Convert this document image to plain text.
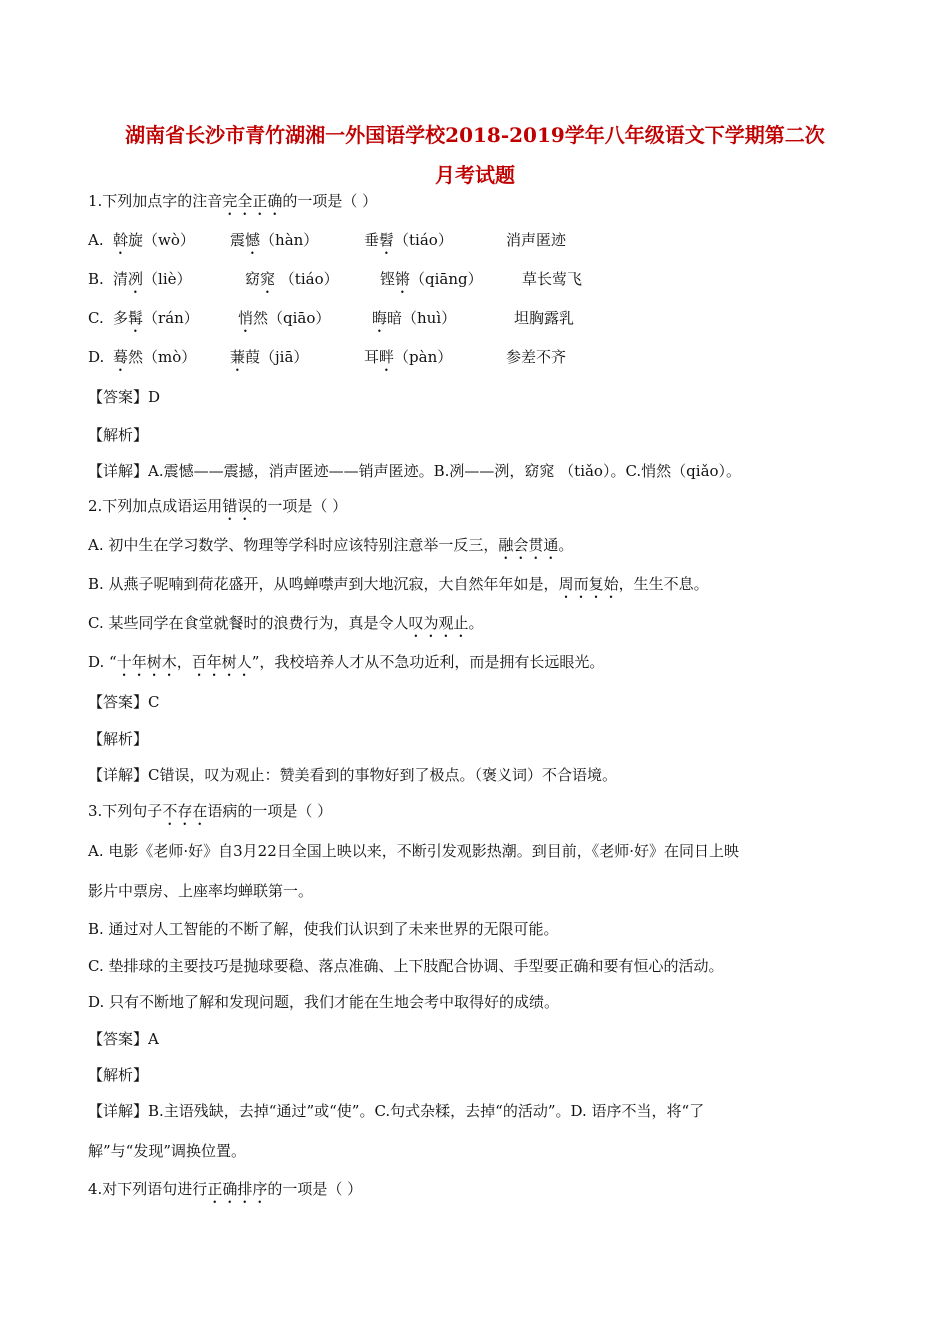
湖南省长沙市青竹湖湘一外国语学校2018-2019学年八年级语文下学期第二次
月考试题
1.下列加点字的注音完全正确的一项是（ ）
A. 斡旋（wò） 震憾（hàn）	垂髫（tiáo）	消声匿迹
B. 清冽（liè）	窈窕 （tiáo）	铿锵（qiāng）	草长莺飞
C. 多髯（rán）	悄然（qiāo）	晦暗（huì）	坦胸露乳
D. 蓦然（mò） 蒹葭（jiā）	耳畔（pàn）	参差不齐
【答案】D
【解析】
【详解】A.震憾——震撼，消声匿迹——销声匿迹。B.冽——洌，窈窕 （tiǎo）。C.悄然（qiǎo）。
2.下列加点成语运用错误的一项是（ ）
A. 初中生在学习数学、物理等学科时应该特别注意举一反三，融会贯通。
B. 从燕子呢喃到荷花盛开，从鸣蝉噤声到大地沉寂，大自然年年如是，周而复始，生生不息。
C. 某些同学在食堂就餐时的浪费行为，真是令人叹为观止。
D. “十年树木，百年树人”，我校培养人才从不急功近利，而是拥有长远眼光。
【答案】C
【解析】
【详解】C错误，叹为观止：赞美看到的事物好到了极点。（褒义词）不合语境。
3.下列句子不存在语病的一项是（ ）
A. 电影《老师·好》自3月22日全国上映以来，不断引发观影热潮。到目前，《老师·好》在同日上映
影片中票房、上座率均蝉联第一。
B. 通过对人工智能的不断了解，使我们认识到了未来世界的无限可能。
C. 垫排球的主要技巧是抛球要稳、落点准确、上下肢配合协调、手型要正确和要有恒心的活动。
D. 只有不断地了解和发现问题，我们才能在生地会考中取得好的成绩。
【答案】A
【解析】
【详解】B.主语残缺，去掉“通过”或“使”。C.句式杂糅，去掉“的活动”。D. 语序不当，将“了
解”与“发现”调换位置。
4.对下列语句进行正确排序的一项是（ ）
